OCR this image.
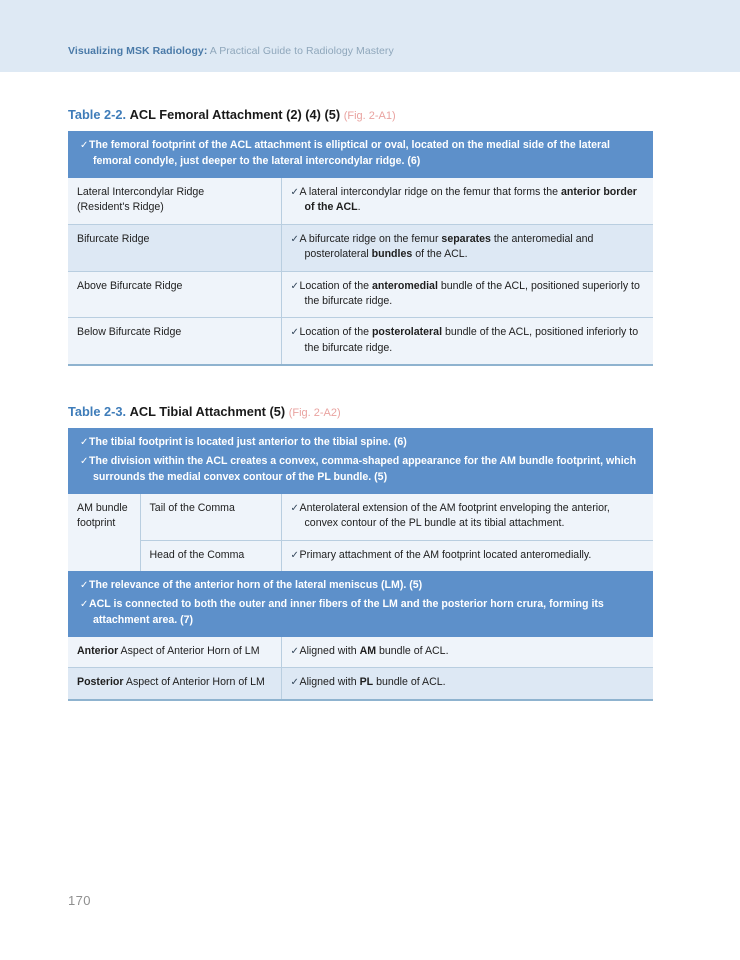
Visualizing MSK Radiology: A Practical Guide to Radiology Mastery
Table 2-2. ACL Femoral Attachment (2) (4) (5) (Fig. 2-A1)
✓The femoral footprint of the ACL attachment is elliptical or oval, located on the medial side of the lateral femoral condyle, just deeper to the lateral intercondylar ridge. (6)	

Lateral Intercondylar Ridge
(Resident's Ridge)	✓A lateral intercondylar ridge on the femur that forms the anterior border of the ACL.

Bifurcate Ridge	✓A bifurcate ridge on the femur separates the anteromedial and posterolateral bundles of the ACL.

Above Bifurcate Ridge	✓Location of the anteromedial bundle of the ACL, positioned superiorly to the bifurcate ridge.

Below Bifurcate Ridge	✓Location of the posterolateral bundle of the ACL, positioned inferiorly to the bifurcate ridge.
Table 2-3. ACL Tibial Attachment (5) (Fig. 2-A2)
✓The tibial footprint is located just anterior to the tibial spine. (6)
✓The division within the ACL creates a convex, comma-shaped appearance for the AM bundle footprint, which surrounds the medial convex contour of the PL bundle. (5)		

AM bundle
footprint	Tail of the Comma	✓Anterolateral extension of the AM footprint enveloping the anterior, convex contour of the PL bundle at its tibial attachment.

	Head of the Comma	✓Primary attachment of the AM footprint located anteromedially.

✓The relevance of the anterior horn of the lateral meniscus (LM). (5)
✓ACL is connected to both the outer and inner fibers of the LM and the posterior horn crura, forming its attachment area. (7)		

Anterior Aspect of Anterior Horn of LM		✓Aligned with AM bundle of ACL.

Posterior Aspect of Anterior Horn of LM		✓Aligned with PL bundle of ACL.
170
